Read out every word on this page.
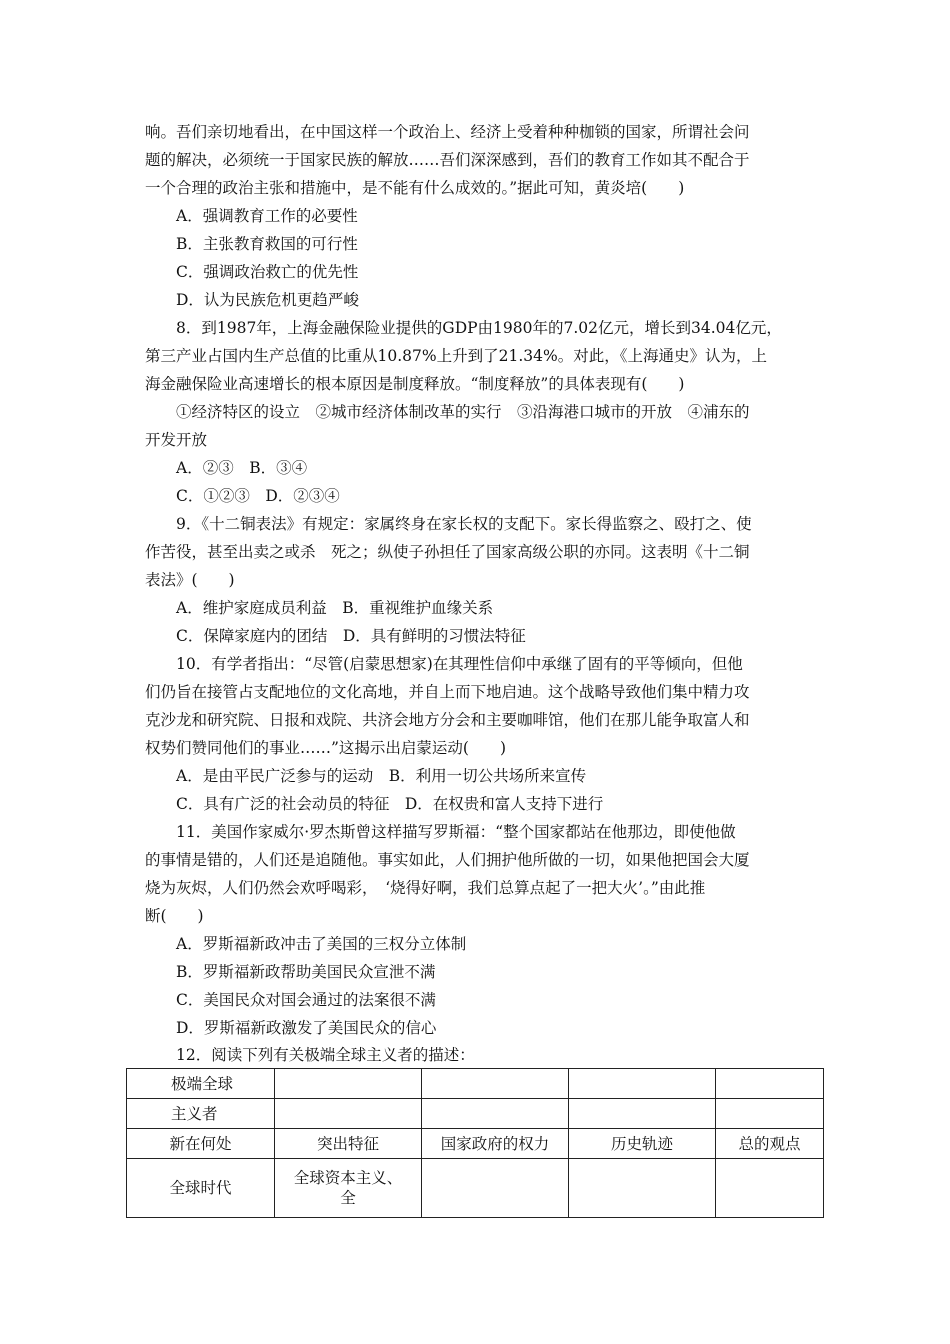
响。吾们亲切地看出，在中国这样一个政治上、经济上受着种种枷锁的国家，所谓社会问
题的解决，必须统一于国家民族的解放……吾们深深感到，吾们的教育工作如其不配合于
一个合理的政治主张和措施中，是不能有什么成效的。”据此可知，黄炎培(　　)
A．强调教育工作的必要性
B．主张教育救国的可行性
C．强调政治救亡的优先性
D．认为民族危机更趋严峻
8．到1987年，上海金融保险业提供的GDP由1980年的7.02亿元，增长到34.04亿元，
第三产业占国内生产总值的比重从10.87%上升到了21.34%。对此，《上海通史》认为，上
海金融保险业高速增长的根本原因是制度释放。“制度释放”的具体表现有(　　)
①经济特区的设立　②城市经济体制改革的实行　③沿海港口城市的开放　④浦东的
开发开放
A．②③　B．③④
C．①②③　D．②③④
9．《十二铜表法》有规定：家属终身在家长权的支配下。家长得监察之、殴打之、使
作苦役，甚至出卖之或杀　死之；纵使子孙担任了国家高级公职的亦同。这表明《十二铜
表法》(　　)
A．维护家庭成员利益　B．重视维护血缘关系
C．保障家庭内的团结　D．具有鲜明的习惯法特征
10．有学者指出：“尽管(启蒙思想家)在其理性信仰中承继了固有的平等倾向，但他
们仍旨在接管占支配地位的文化高地，并自上而下地启迪。这个战略导致他们集中精力攻
克沙龙和研究院、日报和戏院、共济会地方分会和主要咖啡馆，他们在那儿能争取富人和
权势们赞同他们的事业……”这揭示出启蒙运动(　　)
A．是由平民广泛参与的运动　B．利用一切公共场所来宣传
C．具有广泛的社会动员的特征　D．在权贵和富人支持下进行
11．美国作家威尔·罗杰斯曾这样描写罗斯福：“整个国家都站在他那边，即使他做
的事情是错的，人们还是追随他。事实如此，人们拥护他所做的一切，如果他把国会大厦
烧为灰烬，人们仍然会欢呼喝彩，　‘烧得好啊，我们总算点起了一把大火’。”由此推
断(　　)
A．罗斯福新政冲击了美国的三权分立体制
B．罗斯福新政帮助美国民众宣泄不满
C．美国民众对国会通过的法案很不满
D．罗斯福新政激发了美国民众的信心
12．阅读下列有关极端全球主义者的描述：
极端全球				
主义者				
新在何处	突出特征	国家政府的权力	历史轨迹	总的观点
全球时代	全球资本主义、
全			
